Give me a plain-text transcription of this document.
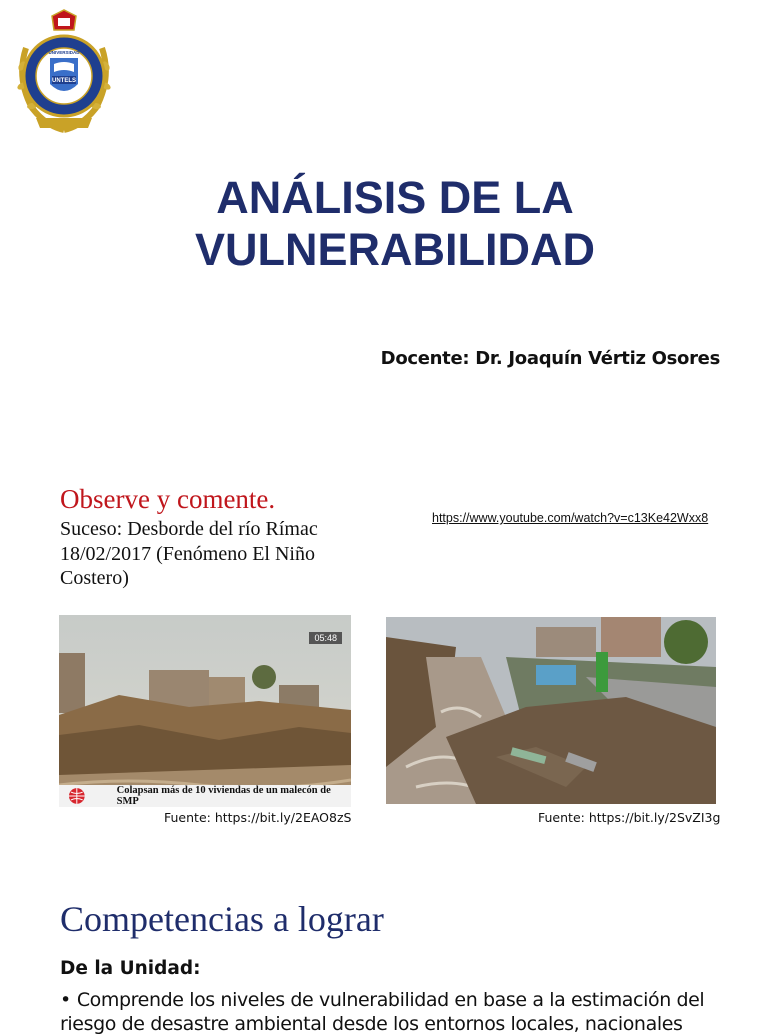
UNTELS
UNIVERSIDAD
ANÁLISIS DE LA
VULNERABILIDAD
Docente: Dr. Joaquín Vértiz Osores
Observe y comente.
Suceso: Desborde del río Rímac 18/02/2017 (Fenómeno El Niño Costero)
https://www.youtube.com/watch?v=c13Ke42Wxx8
05:48
Colapsan más de 10 viviendas de un malecón de SMP
Fuente: https://bit.ly/2EAO8zS	Fuente: https://bit.ly/2SvZI3g
Competencias a lograr
De la Unidad:
• Comprende los niveles de vulnerabilidad en base a la estimación del riesgo de desastre ambiental desde los entornos locales, nacionales
